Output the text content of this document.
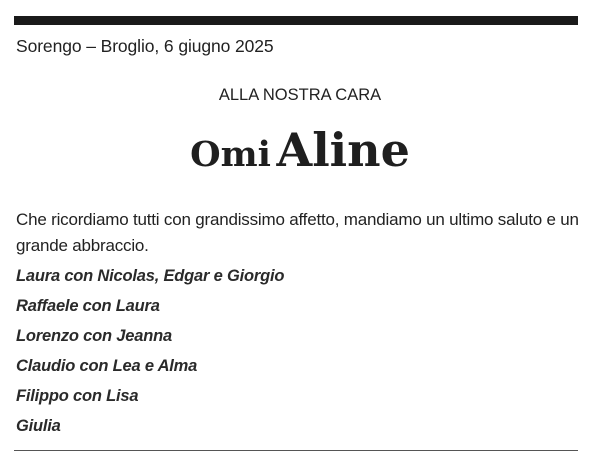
Sorengo – Broglio, 6 giugno 2025
ALLA NOSTRA CARA
Omi Aline
Che ricordiamo tutti con grandissimo affetto, mandiamo un ultimo saluto e un grande abbraccio.
Laura con Nicolas, Edgar e Giorgio
Raffaele con Laura
Lorenzo con Jeanna
Claudio con Lea e Alma
Filippo con Lisa
Giulia
